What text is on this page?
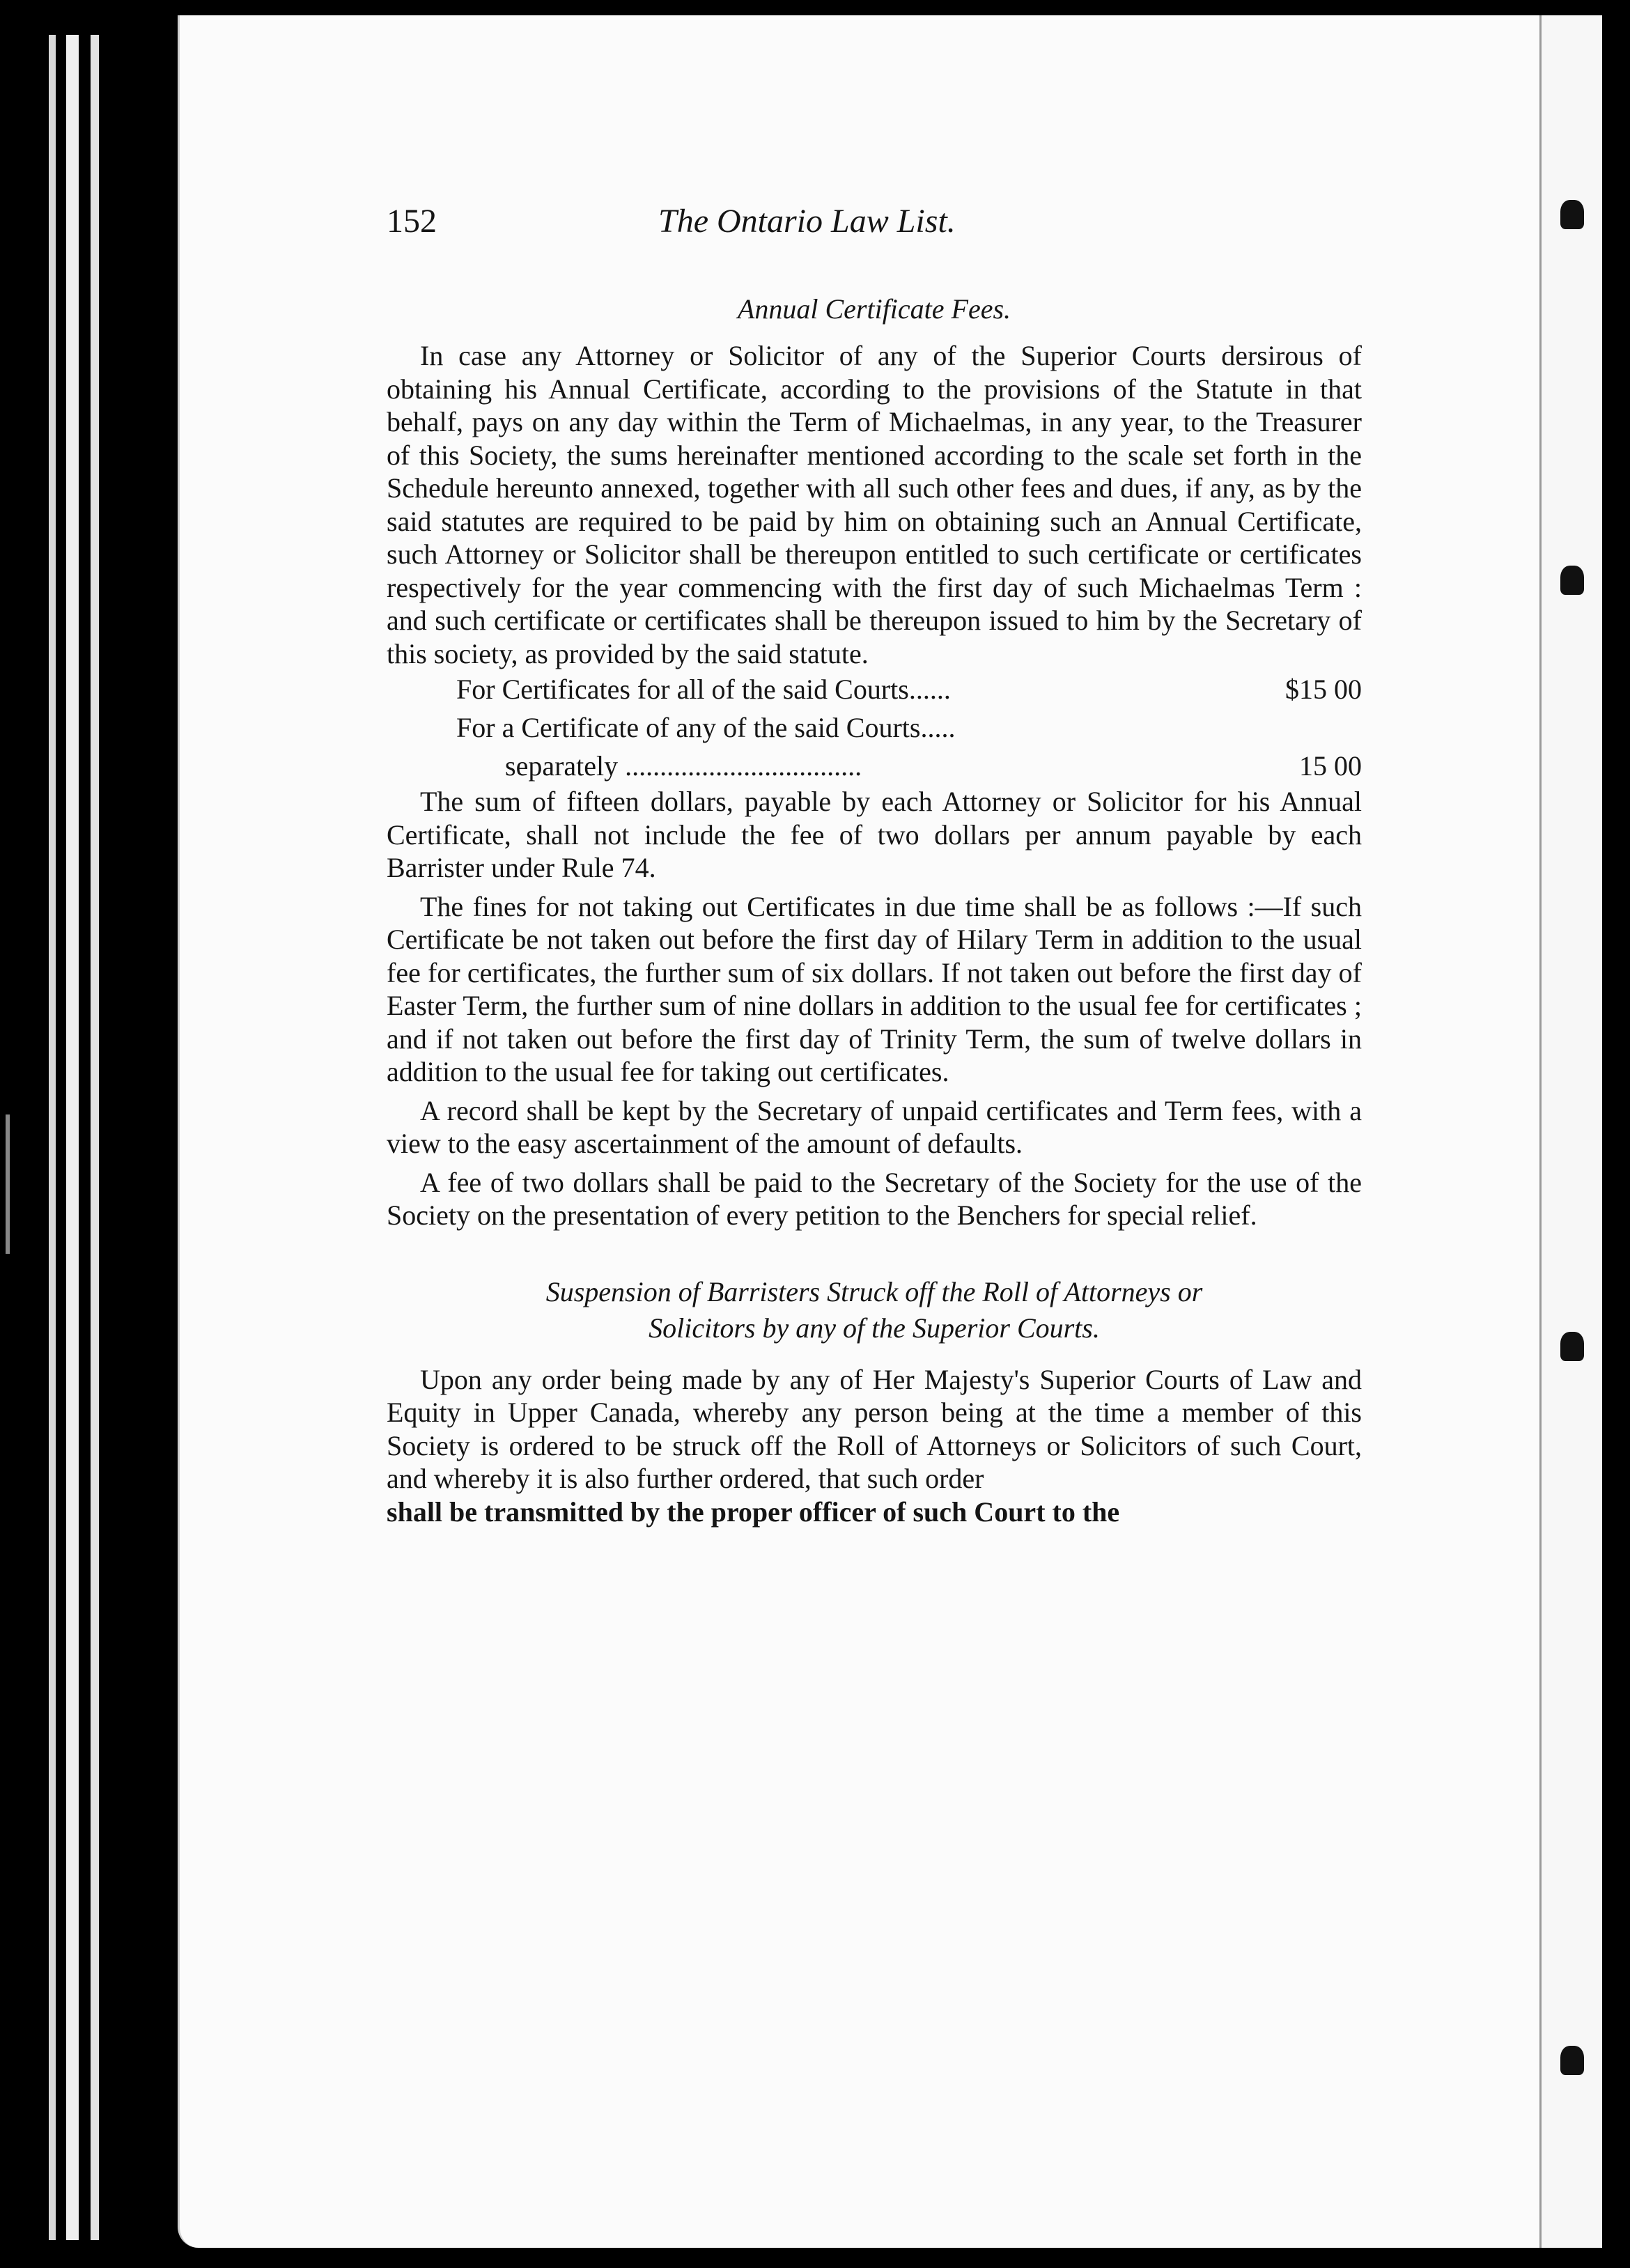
152	The Ontario Law List.
Annual Certificate Fees.

In case any Attorney or Solicitor of any of the Superior Courts dersirous of obtaining his Annual Certificate, according to the provisions of the Statute in that behalf, pays on any day within the Term of Michaelmas, in any year, to the Treasurer of this Society, the sums hereinafter mentioned according to the scale set forth in the Schedule hereunto annexed, together with all such other fees and dues, if any, as by the said statutes are required to be paid by him on obtaining such an Annual Certificate, such Attorney or Solicitor shall be thereupon entitled to such certificate or certificates respectively for the year commencing with the first day of such Michaelmas Term : and such certificate or certificates shall be thereupon issued to him by the Secretary of this society, as provided by the said statute.

For Certificates for all of the said Courts......	$15 00
For a Certificate of any of the said Courts.....
separately ..................................	15 00

The sum of fifteen dollars, payable by each Attorney or Solicitor for his Annual Certificate, shall not include the fee of two dollars per annum payable by each Barrister under Rule 74.

The fines for not taking out Certificates in due time shall be as follows :—If such Certificate be not taken out before the first day of Hilary Term in addition to the usual fee for certificates, the further sum of six dollars. If not taken out before the first day of Easter Term, the further sum of nine dollars in addition to the usual fee for certificates ; and if not taken out before the first day of Trinity Term, the sum of twelve dollars in addition to the usual fee for taking out certificates.

A record shall be kept by the Secretary of unpaid certificates and Term fees, with a view to the easy ascertainment of the amount of defaults.

A fee of two dollars shall be paid to the Secretary of the Society for the use of the Society on the presentation of every petition to the Benchers for special relief.

Suspension of Barristers Struck off the Roll of Attorneys or
Solicitors by any of the Superior Courts.

Upon any order being made by any of Her Majesty's Superior Courts of Law and Equity in Upper Canada, whereby any person being at the time a member of this Society is ordered to be struck off the Roll of Attorneys or Solicitors of such Court, and whereby it is also further ordered, that such order

shall be transmitted by the proper officer of such Court to the
